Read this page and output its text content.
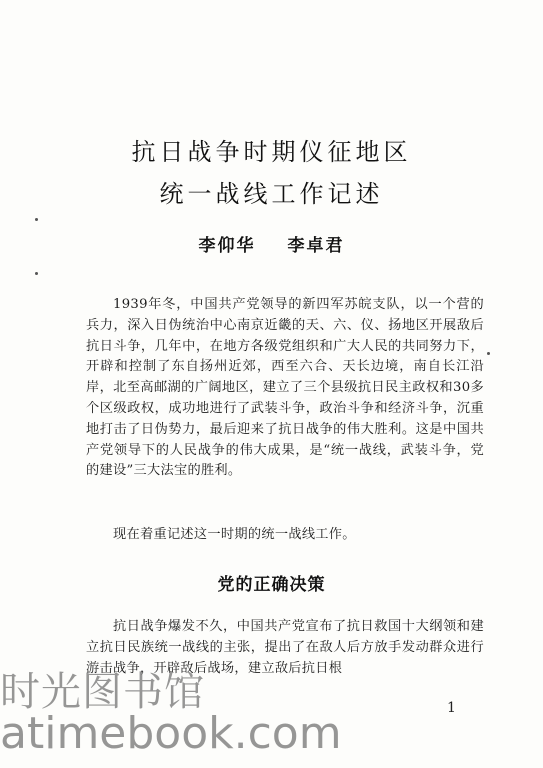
抗日战争时期仪征地区
统一战线工作记述
李仰华 李卓君

1939年冬，中国共产党领导的新四军苏皖支队，以一个营的兵力，深入日伪统治中心南京近畿的天、六、仪、扬地区开展敌后抗日斗争，几年中，在地方各级党组织和广大人民的共同努力下，开辟和控制了东自扬州近郊，西至六合、天长边境，南自长江沿岸，北至高邮湖的广阔地区，建立了三个县级抗日民主政权和30多个区级政权，成功地进行了武装斗争，政治斗争和经济斗争，沉重地打击了日伪势力，最后迎来了抗日战争的伟大胜利。这是中国共产党领导下的人民战争的伟大成果，是“统一战线，武装斗争，党的建设”三大法宝的胜利。

现在着重记述这一时期的统一战线工作。

党的正确决策

抗日战争爆发不久，中国共产党宣布了抗日救国十大纲领和建立抗日民族统一战线的主张，提出了在敌人后方放手发动群众进行游击战争，开辟敌后战场，建立敌后抗日根

1
时光图书馆
atimebook.com
